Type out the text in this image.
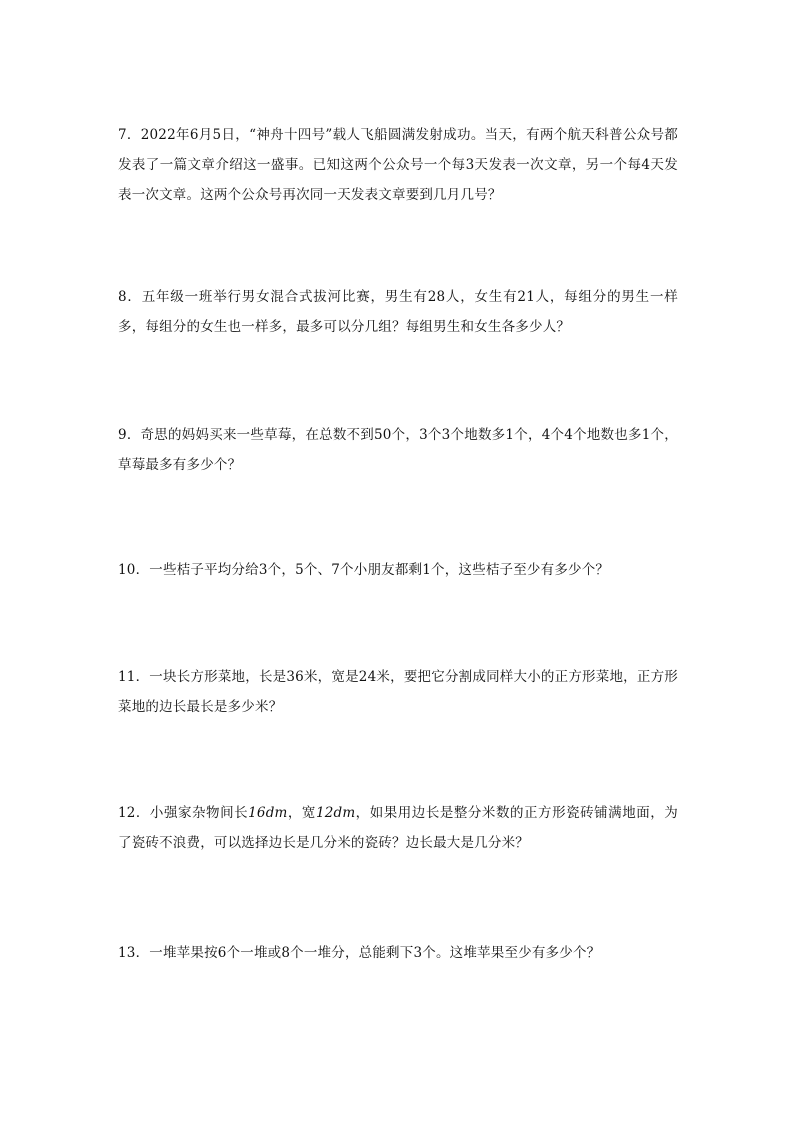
7．2022年6月5日，“神舟十四号”载人飞船圆满发射成功。当天，有两个航天科普公众号都发表了一篇文章介绍这一盛事。已知这两个公众号一个每3天发表一次文章，另一个每4天发表一次文章。这两个公众号再次同一天发表文章要到几月几号？

8．五年级一班举行男女混合式拔河比赛，男生有28人，女生有21人，每组分的男生一样多，每组分的女生也一样多，最多可以分几组？每组男生和女生各多少人？

9．奇思的妈妈买来一些草莓，在总数不到50个，3个3个地数多1个，4个4个地数也多1个，草莓最多有多少个？

10．一些桔子平均分给3个，5个、7个小朋友都剩1个，这些桔子至少有多少个？

11．一块长方形菜地，长是36米，宽是24米，要把它分割成同样大小的正方形菜地，正方形菜地的边长最长是多少米？

12．小强家杂物间长16dm，宽12dm，如果用边长是整分米数的正方形瓷砖铺满地面，为了瓷砖不浪费，可以选择边长是几分米的瓷砖？边长最大是几分米？

13．一堆苹果按6个一堆或8个一堆分，总能剩下3个。这堆苹果至少有多少个？
